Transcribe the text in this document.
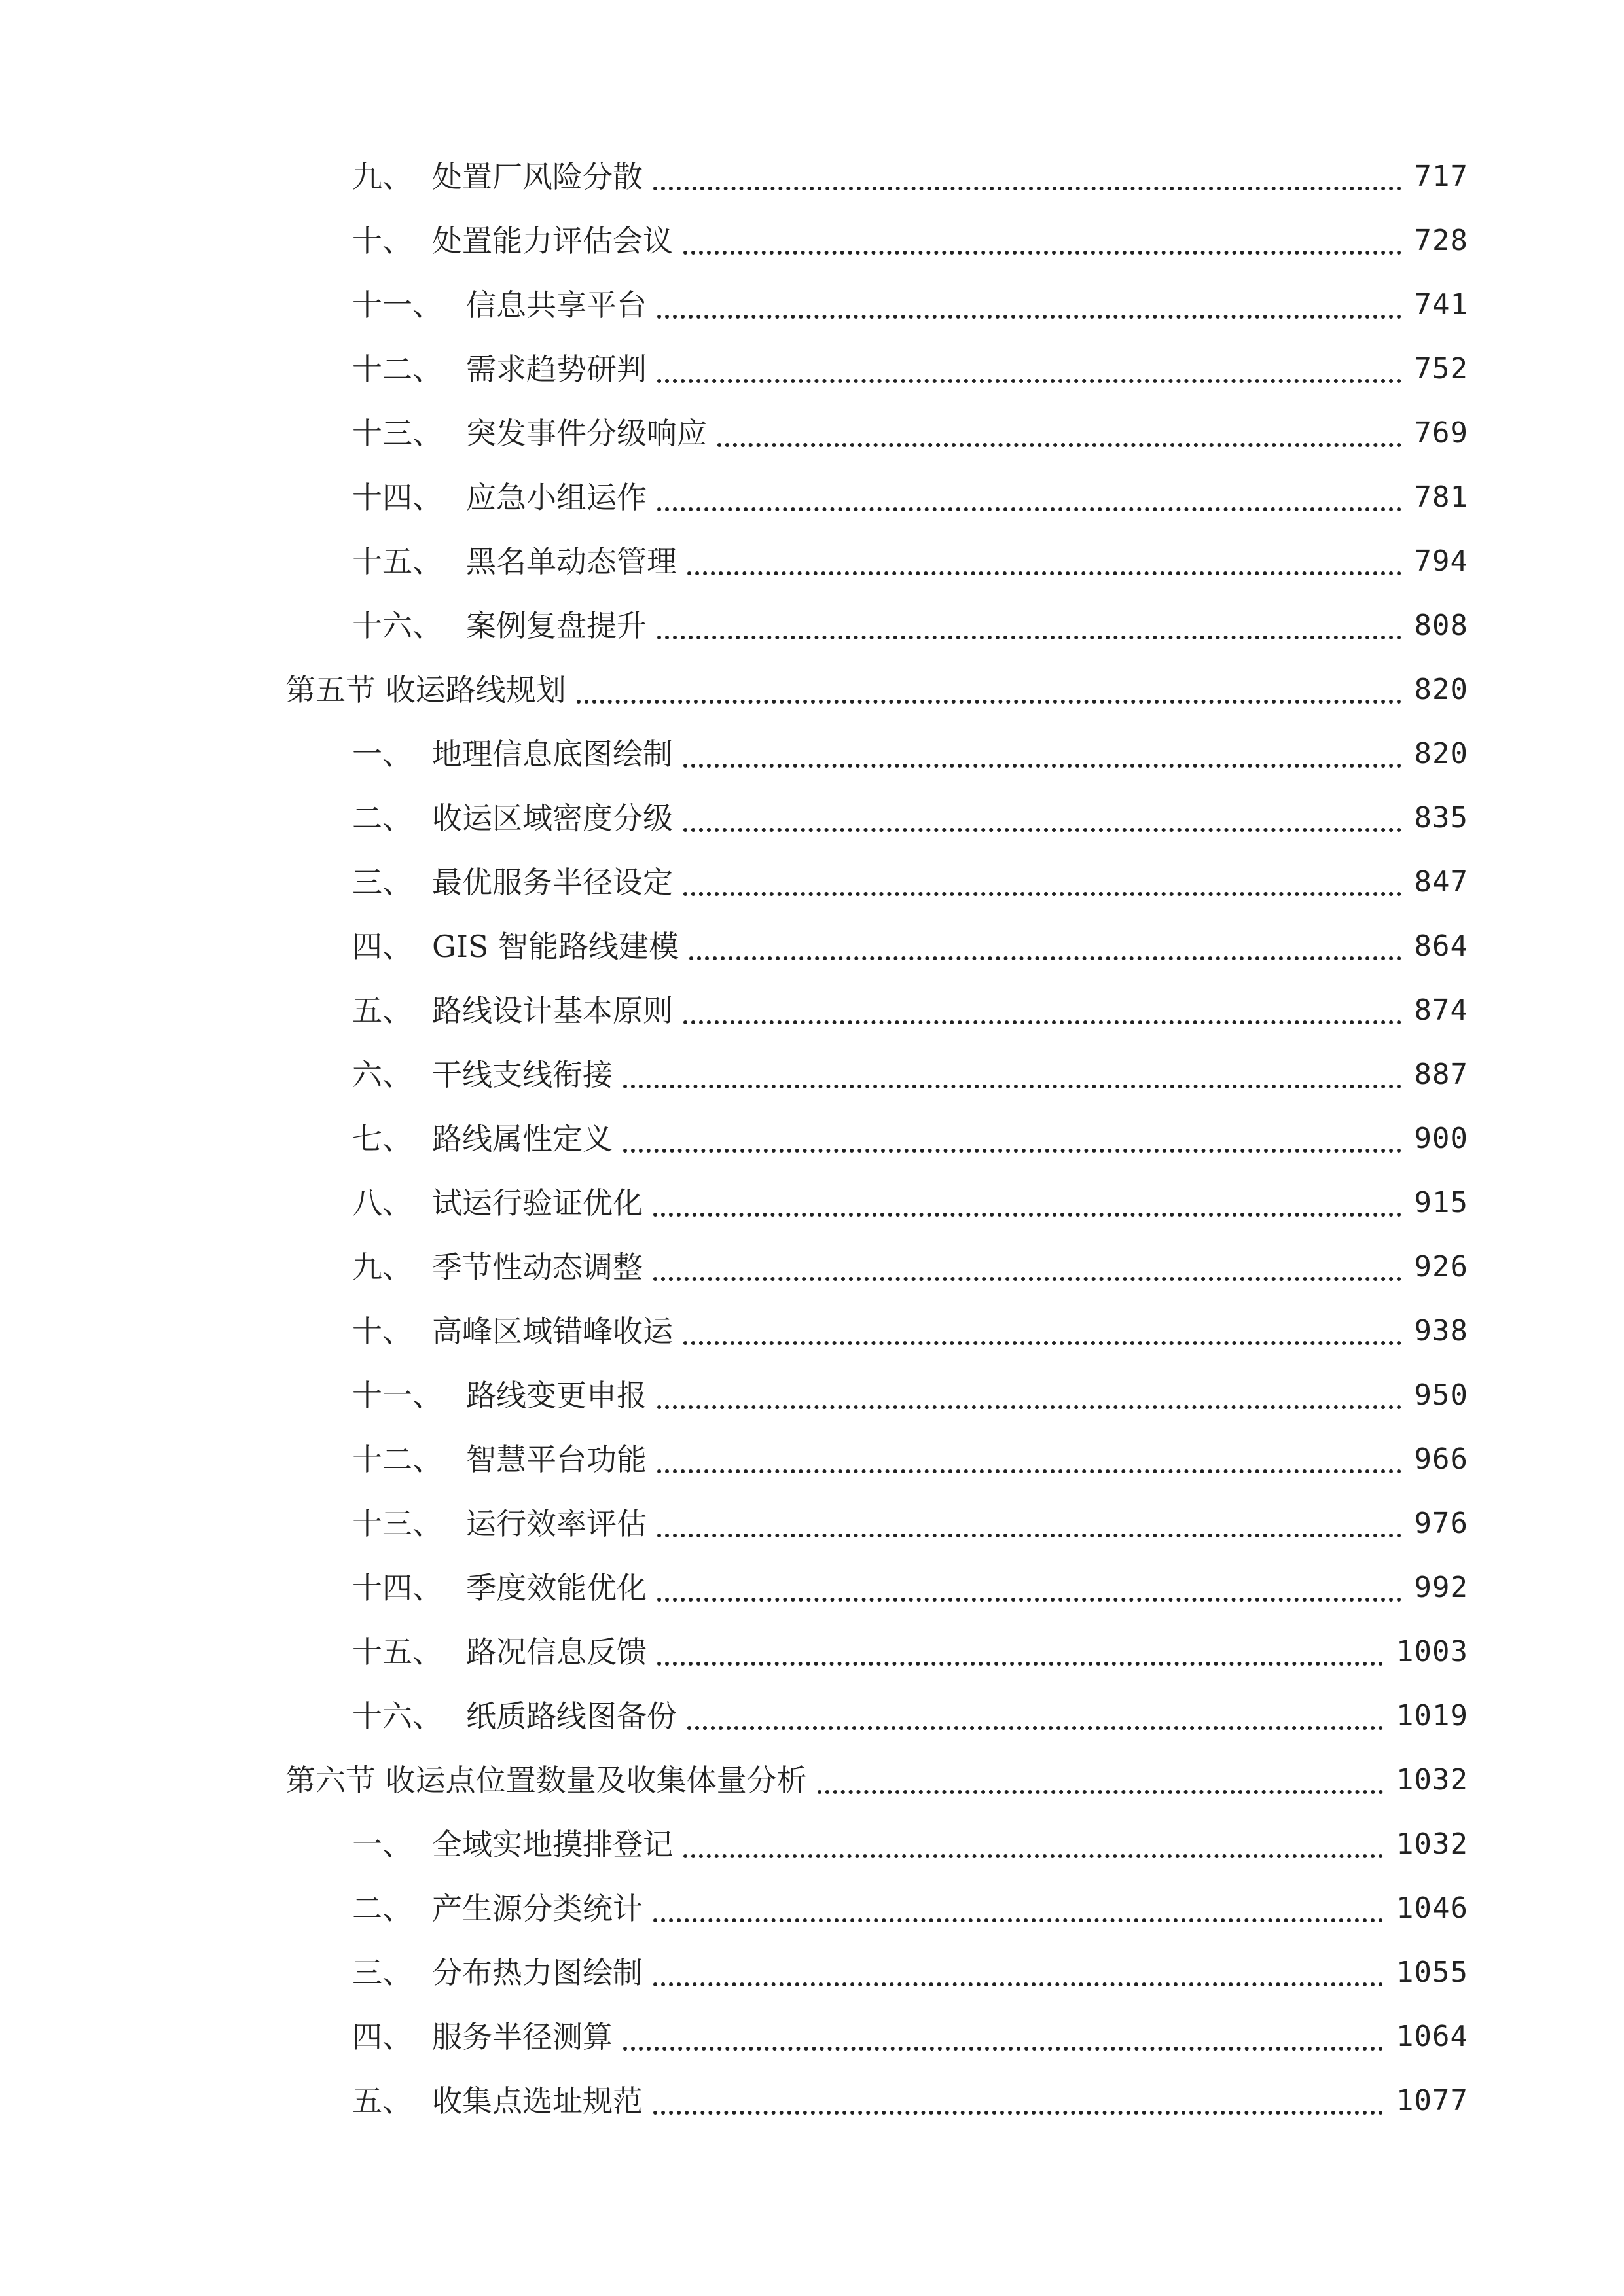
九、 处置厂风险分散	717
十、 处置能力评估会议	728
十一、 信息共享平台	741
十二、 需求趋势研判	752
十三、 突发事件分级响应	769
十四、 应急小组运作	781
十五、 黑名单动态管理	794
十六、 案例复盘提升	808
第五节 收运路线规划	820
一、 地理信息底图绘制	820
二、 收运区域密度分级	835
三、 最优服务半径设定	847
四、 GIS 智能路线建模	864
五、 路线设计基本原则	874
六、 干线支线衔接	887
七、 路线属性定义	900
八、 试运行验证优化	915
九、 季节性动态调整	926
十、 高峰区域错峰收运	938
十一、 路线变更申报	950
十二、 智慧平台功能	966
十三、 运行效率评估	976
十四、 季度效能优化	992
十五、 路况信息反馈	1003
十六、 纸质路线图备份	1019
第六节 收运点位置数量及收集体量分析	1032
一、 全域实地摸排登记	1032
二、 产生源分类统计	1046
三、 分布热力图绘制	1055
四、 服务半径测算	1064
五、 收集点选址规范	1077
